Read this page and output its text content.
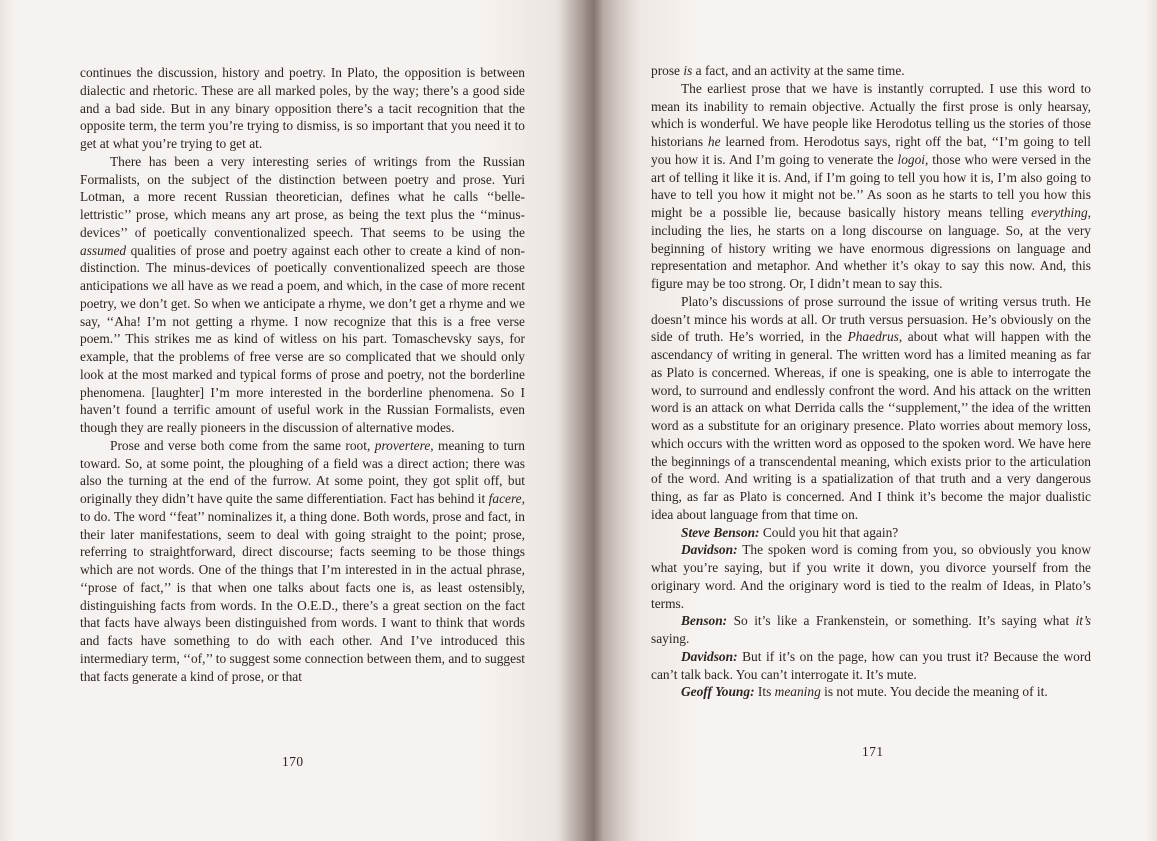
continues the discussion, history and poetry. In Plato, the opposition is between dialectic and rhetoric. These are all marked poles, by the way; there’s a good side and a bad side. But in any binary opposition there’s a tacit recognition that the opposite term, the term you’re trying to dismiss, is so important that you need it to get at what you’re trying to get at.

There has been a very interesting series of writings from the Russian Formalists, on the subject of the distinction between poetry and prose. Yuri Lotman, a more recent Russian theoretician, defines what he calls ‘‘belle-lettristic’’ prose, which means any art prose, as being the text plus the ‘‘minus-devices’’ of poetically conventionalized speech. That seems to be using the assumed qualities of prose and poetry against each other to create a kind of non-distinction. The minus-devices of poetically conventionalized speech are those anticipations we all have as we read a poem, and which, in the case of more recent poetry, we don’t get. So when we anticipate a rhyme, we don’t get a rhyme and we say, ‘‘Aha! I’m not getting a rhyme. I now recognize that this is a free verse poem.’’ This strikes me as kind of witless on his part. Tomaschevsky says, for example, that the problems of free verse are so complicated that we should only look at the most marked and typical forms of prose and poetry, not the borderline phenomena. [laughter] I’m more interested in the borderline phenomena. So I haven’t found a terrific amount of useful work in the Russian Formalists, even though they are really pioneers in the discussion of alternative modes.

Prose and verse both come from the same root, provertere, meaning to turn toward. So, at some point, the ploughing of a field was a direct action; there was also the turning at the end of the furrow. At some point, they got split off, but originally they didn’t have quite the same differentiation. Fact has behind it facere, to do. The word ‘‘feat’’ nominalizes it, a thing done. Both words, prose and fact, in their later manifestations, seem to deal with going straight to the point; prose, referring to straightforward, direct discourse; facts seeming to be those things which are not words. One of the things that I’m interested in in the actual phrase, ‘‘prose of fact,’’ is that when one talks about facts one is, as least ostensibly, distinguishing facts from words. In the O.E.D., there’s a great section on the fact that facts have always been distinguished from words. I want to think that words and facts have something to do with each other. And I’ve introduced this intermediary term, ‘‘of,’’ to suggest some connection between them, and to suggest that facts generate a kind of prose, or that

170

prose is a fact, and an activity at the same time.

The earliest prose that we have is instantly corrupted. I use this word to mean its inability to remain objective. Actually the first prose is only hearsay, which is wonderful. We have people like Herodotus telling us the stories of those historians he learned from. Herodotus says, right off the bat, ‘‘I’m going to tell you how it is. And I’m going to venerate the logoi, those who were versed in the art of telling it like it is. And, if I’m going to tell you how it is, I’m also going to have to tell you how it might not be.’’ As soon as he starts to tell you how this might be a possible lie, because basically history means telling everything, including the lies, he starts on a long discourse on language. So, at the very beginning of history writing we have enormous digressions on language and representation and metaphor. And whether it’s okay to say this now. And, this figure may be too strong. Or, I didn’t mean to say this.

Plato’s discussions of prose surround the issue of writing versus truth. He doesn’t mince his words at all. Or truth versus persuasion. He’s obviously on the side of truth. He’s worried, in the Phaedrus, about what will happen with the ascendancy of writing in general. The written word has a limited meaning as far as Plato is concerned. Whereas, if one is speaking, one is able to interrogate the word, to surround and endlessly confront the word. And his attack on the written word is an attack on what Derrida calls the ‘‘supplement,’’ the idea of the written word as a substitute for an originary presence. Plato worries about memory loss, which occurs with the written word as opposed to the spoken word. We have here the beginnings of a transcendental meaning, which exists prior to the articulation of the word. And writing is a spatialization of that truth and a very dangerous thing, as far as Plato is concerned. And I think it’s become the major dualistic idea about language from that time on.

Steve Benson: Could you hit that again?

Davidson: The spoken word is coming from you, so obviously you know what you’re saying, but if you write it down, you divorce yourself from the originary word. And the originary word is tied to the realm of Ideas, in Plato’s terms.

Benson: So it’s like a Frankenstein, or something. It’s saying what it’s saying.

Davidson: But if it’s on the page, how can you trust it? Because the word can’t talk back. You can’t interrogate it. It’s mute.

Geoff Young: Its meaning is not mute. You decide the meaning of it.

171
